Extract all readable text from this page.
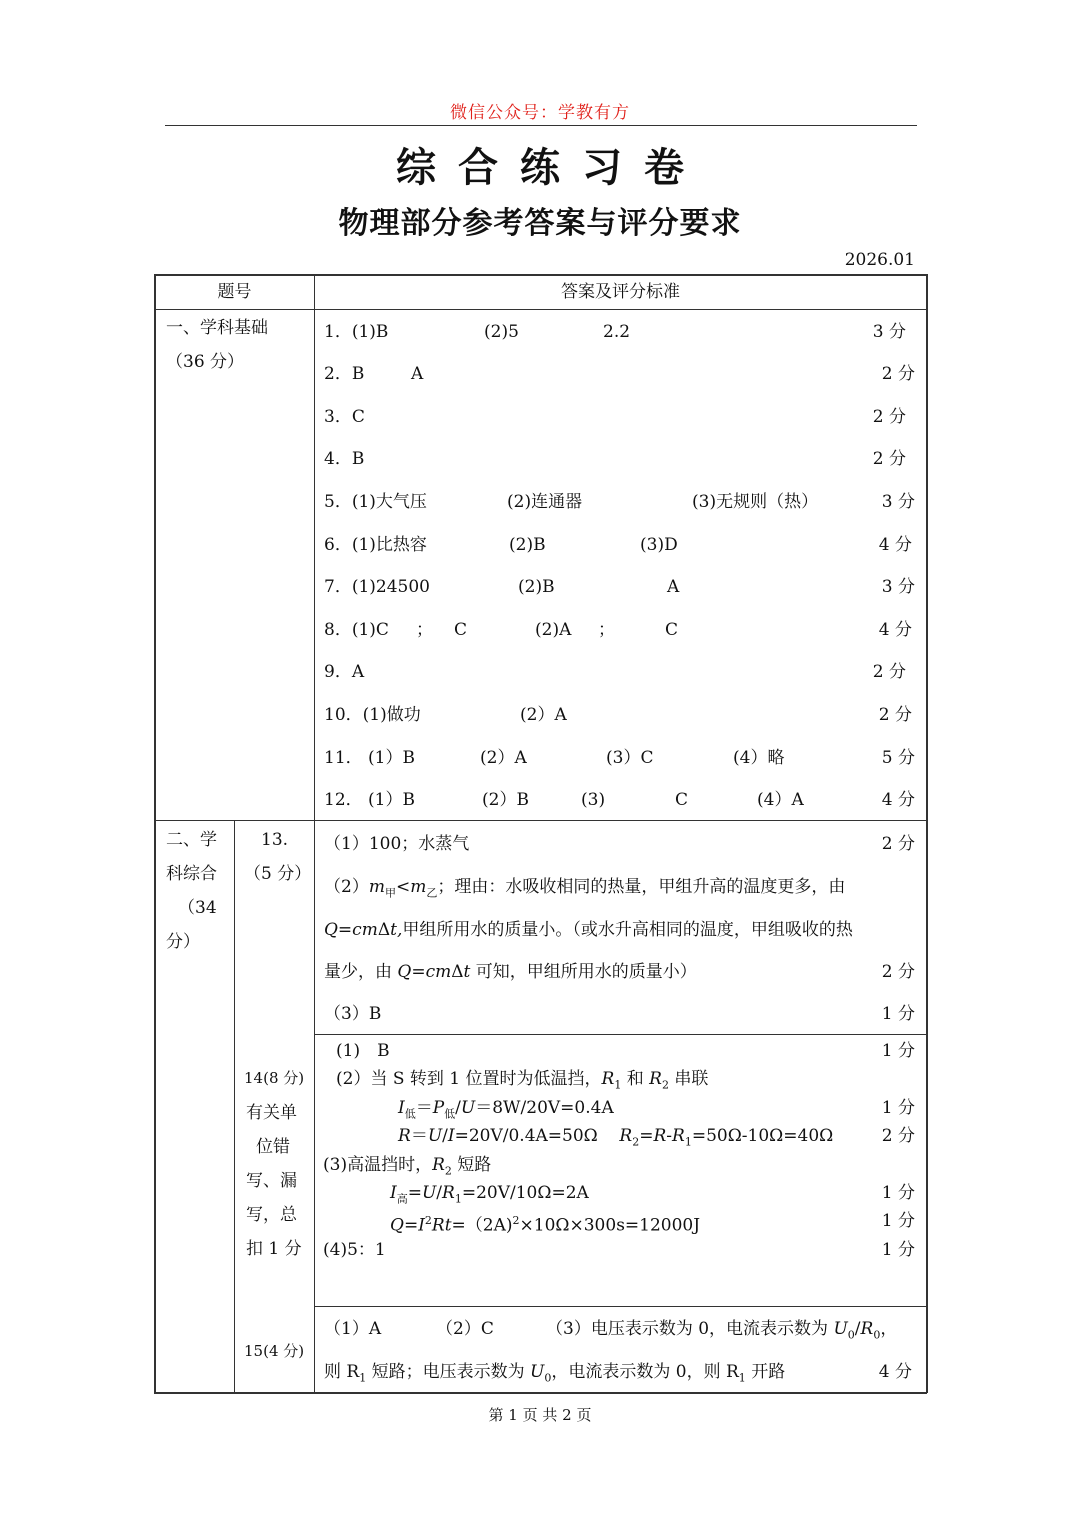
微信公众号：学教有方
综合练习卷
物理部分参考答案与评分要求
2026.01
题号	答案及评分标准
一、学科基础
（36 分）
1．(1)B	(2)5	2.2	3 分
2．B	A	2 分
3．C	2 分
4．B	2 分
5．(1)大气压	(2)连通器	(3)无规则（热）	3 分
6．(1)比热容	(2)B	(3)D	4 分
7．(1)24500	(2)B	A	3 分
8．(1)C ； C	(2)A ；	C	4 分
9．A	2 分
10．(1)做功	(2）A	2 分
11． (1）B	(2）A	(3）C	(4）略	5 分
12． (1）B	(2）B	(3)	C	(4）A	4 分
二、学
科综合
（34
分）
13.
（5 分）
（1）100；水蒸气	2 分
$(2)m_甲<m_乙$；理由：水吸收相同的热量，甲组升高的温度更多，由
Q=cmΔt,甲组所用水的质量小。（或水升高相同的温度，甲组吸收的热
量少，由 Q=cmΔt 可知，甲组所用水的质量小）	2 分
（3）B	1 分
14(8 分)
有关单
位错
写、漏
写，总
扣 1 分
(1)　B	1 分
(2）当 S 转到 1 位置时为低温挡，$R_1$ 和 $R_2$ 串联
$I_低=P_低/U=8W/20V=0.4A$	1 分
R＝U/I=20V/0.4A=50Ω $R_2=R-R_1=50\Omega-10\Omega=40\Omega$	2 分
(3)高温挡时，$R_2$ 短路
$I_高=U/R_1=20V/10\Omega=2A$	1 分
$Q=I^2Rt=(2A)^2\times 10\Omega\times 300s=12000J$	1 分
(4)5：1	1 分
15(4 分)
（1）A	（2）C	（3）电压表示数为 0，电流表示数为 $U_0/R_0$，
则 $R_1$ 短路；电压表示数为 $U_0$，电流表示数为 0，则 $R_1$ 开路	4 分
第 1 页 共 2 页
